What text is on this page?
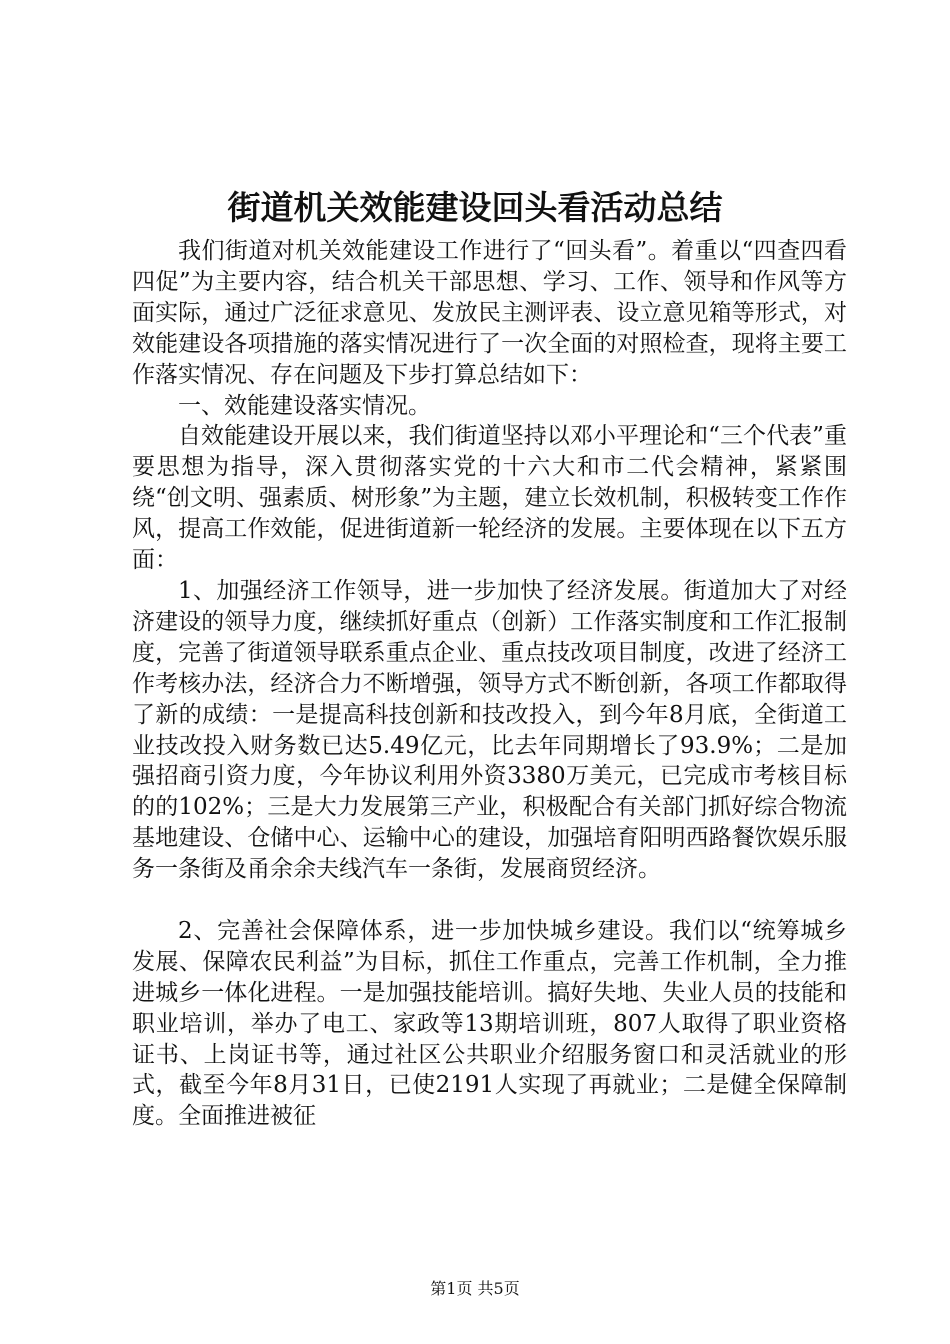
街道机关效能建设回头看活动总结

我们街道对机关效能建设工作进行了“回头看”。着重以“四查四看四促”为主要内容，结合机关干部思想、学习、工作、领导和作风等方面实际，通过广泛征求意见、发放民主测评表、设立意见箱等形式，对效能建设各项措施的落实情况进行了一次全面的对照检查，现将主要工作落实情况、存在问题及下步打算总结如下：

一、效能建设落实情况。

自效能建设开展以来，我们街道坚持以邓小平理论和“三个代表”重要思想为指导，深入贯彻落实党的十六大和市二代会精神，紧紧围绕“创文明、强素质、树形象”为主题，建立长效机制，积极转变工作作风，提高工作效能，促进街道新一轮经济的发展。主要体现在以下五方面：

1、加强经济工作领导，进一步加快了经济发展。街道加大了对经济建设的领导力度，继续抓好重点（创新）工作落实制度和工作汇报制度，完善了街道领导联系重点企业、重点技改项目制度，改进了经济工作考核办法，经济合力不断增强，领导方式不断创新，各项工作都取得了新的成绩：一是提高科技创新和技改投入，到今年8月底，全街道工业技改投入财务数已达5.49亿元，比去年同期增长了93.9%；二是加强招商引资力度，今年协议利用外资3380万美元，已完成市考核目标的的102%；三是大力发展第三产业，积极配合有关部门抓好综合物流基地建设、仓储中心、运输中心的建设，加强培育阳明西路餐饮娱乐服务一条街及甬余余夫线汽车一条街，发展商贸经济。

2、完善社会保障体系，进一步加快城乡建设。我们以“统筹城乡发展、保障农民利益”为目标，抓住工作重点，完善工作机制，全力推进城乡一体化进程。一是加强技能培训。搞好失地、失业人员的技能和职业培训，举办了电工、家政等13期培训班，807人取得了职业资格证书、上岗证书等，通过社区公共职业介绍服务窗口和灵活就业的形式，截至今年8月31日，已使2191人实现了再就业；二是健全保障制度。全面推进被征

第1页 共5页
